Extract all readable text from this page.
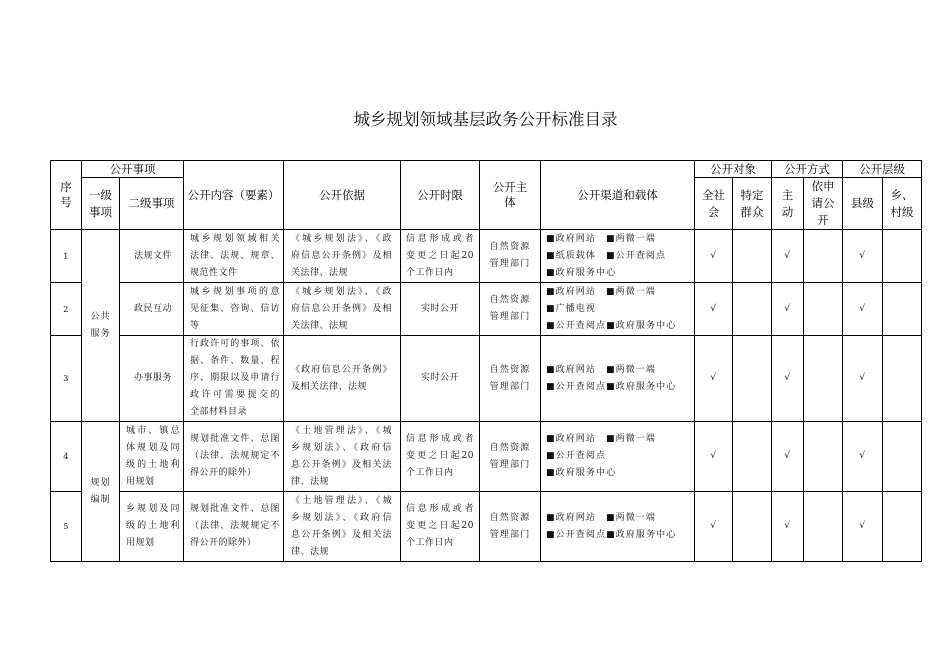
城乡规划领域基层政务公开标准目录
序号	公开事项		公开内容（要素）	公开依据	公开时限	公开主体	公开渠道和载体	公开对象		公开方式		公开层级	
	一级事项	二级事项						全社会	特定群众	主动	依申请公开	县级	乡、村级
1	公共服务	法规文件	城乡规划领域相关
法律、法规、规章、
规范性文件	《城乡规划法》、《政
府信息公开条例》及相
关法律、法规	信息形成或者
变更之日起20
个工作日内	自然资源
管理部门	■政府网站 ■两微一端
■纸质载体 ■公开查阅点
■政府服务中心	√		√		√	
2		政民互动	城乡规划事项的意
见征集、咨询、信访
等	《城乡规划法》、《政
府信息公开条例》及相
关法律、法规	实时公开	自然资源
管理部门	■政府网站 ■两微一端
■广播电视
■公开查阅点■政府服务中心	√		√		√	
3		办事服务	行政许可的事项、依
据、条件、数量、程
序、期限以及申请行
政许可需要提交的
全部材料目录	《政府信息公开条例》
及相关法律、法规	实时公开	自然资源
管理部门	■政府网站 ■两微一端
■公开查阅点■政府服务中心	√		√		√	
4	规划编制	城市、镇总
体规划及同
级的土地利
用规划	规划批准文件、总图
（法律、法规规定不
得公开的除外）	《土地管理法》、《城
乡规划法》、《政府信
息公开条例》及相关法
律、法规	信息形成或者
变更之日起20
个工作日内	自然资源
管理部门	■政府网站 ■两微一端
■公开查阅点
■政府服务中心	√		√		√	
5		乡规划及同
级的土地利
用规划	规划批准文件、总图
（法律、法规规定不
得公开的除外）	《土地管理法》、《城
乡规划法》、《政府信
息公开条例》及相关法
律、法规	信息形成或者
变更之日起20
个工作日内	自然资源
管理部门	■政府网站 ■两微一端
■公开查阅点■政府服务中心	√		√		√	
